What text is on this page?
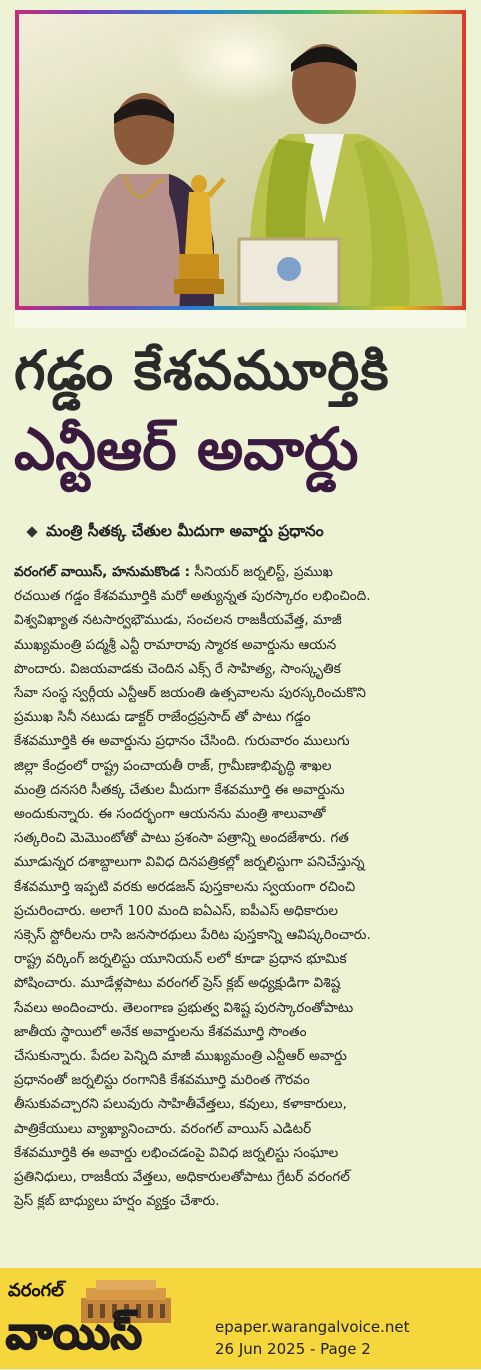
గడ్డం కేశవమూర్తికి
ఎన్టీఆర్ అవార్డు
మంత్రి సీతక్క చేతుల మీదుగా అవార్డు ప్రధానం
వరంగల్ వాయిస్, హనుమకొండ : సీనియర్ జర్నలిస్ట్, ప్రముఖ
రచయిత గడ్డం కేశవమూర్తికి మరో అత్యున్నత పురస్కారం లభించింది.
విశ్వవిఖ్యాత నటసార్వభౌముడు, సంచలన రాజకీయవేత్త, మాజీ
ముఖ్యమంత్రి పద్మశ్రీ ఎన్టీ రామారావు స్మారక అవార్డును ఆయన
పొందారు. విజయవాడకు చెందిన ఎక్స్ రే సాహిత్య, సాంస్కృతిక
సేవా సంస్థ స్వర్గీయ ఎన్టీఆర్ జయంతి ఉత్సవాలను పురస్కరించుకొని
ప్రముఖ సినీ నటుడు డాక్టర్ రాజేంద్రప్రసాద్ తో పాటు గడ్డం
కేశవమూర్తికి ఈ అవార్డును ప్రధానం చేసింది. గురువారం ములుగు
జిల్లా కేంద్రంలో రాష్ట్ర పంచాయతీ రాజ్, గ్రామీణాభివృద్ధి శాఖల
మంత్రి దనసరి సీతక్క చేతుల మీదుగా కేశవమూర్తి ఈ అవార్డును
అందుకున్నారు. ఈ సందర్భంగా ఆయనను మంత్రి శాలువాతో
సత్కరించి మెమొంటోతో పాటు ప్రశంసా పత్రాన్ని అందజేశారు. గత
మూడున్నర దశాబ్దాలుగా వివిధ దినపత్రికల్లో జర్నలిస్టుగా పనిచేస్తున్న
కేశవమూర్తి ఇప్పటి వరకు అరడజన్ పుస్తకాలను స్వయంగా రచించి
ప్రచురించారు. అలాగే 100 మంది ఐఏఎస్, ఐపీఎస్ అధికారుల
సక్సెస్ స్టోరీలను రాసి జనసారథులు పేరిట పుస్తకాన్ని ఆవిష్కరించారు.
రాష్ట్ర వర్కింగ్ జర్నలిస్టు యూనియన్ లలో కూడా ప్రధాన భూమిక
పోషించారు. మూడేళ్లపాటు వరంగల్ ప్రెస్ క్లబ్ అధ్యక్షుడిగా విశిష్ట
సేవలు అందించారు. తెలంగాణ ప్రభుత్వ విశిష్ట పురస్కారంతోపాటు
జాతీయ స్థాయిలో అనేక అవార్డులను కేశవమూర్తి సొంతం
చేసుకున్నారు. పేదల పెన్నిది మాజీ ముఖ్యమంత్రి ఎన్టీఆర్ అవార్డు
ప్రధానంతో జర్నలిస్టు రంగానికి కేశవమూర్తి మరింత గౌరవం
తీసుకువచ్చారని పలువురు సాహితీవేత్తలు, కవులు, కళాకారులు,
పాత్రికేయులు వ్యాఖ్యానించారు. వరంగల్ వాయిస్ ఎడిటర్
కేశవమూర్తికి ఈ అవార్డు లభించడంపై వివిధ జర్నలిస్టు సంఘాల
ప్రతినిధులు, రాజకీయ వేత్తలు, అధికారులతోపాటు గ్రేటర్ వరంగల్
ప్రెస్ క్లబ్ బాధ్యులు హర్షం వ్యక్తం చేశారు.
వరంగల్
వాయిస్	epaper.warangalvoice.net
26 Jun 2025 - Page 2
